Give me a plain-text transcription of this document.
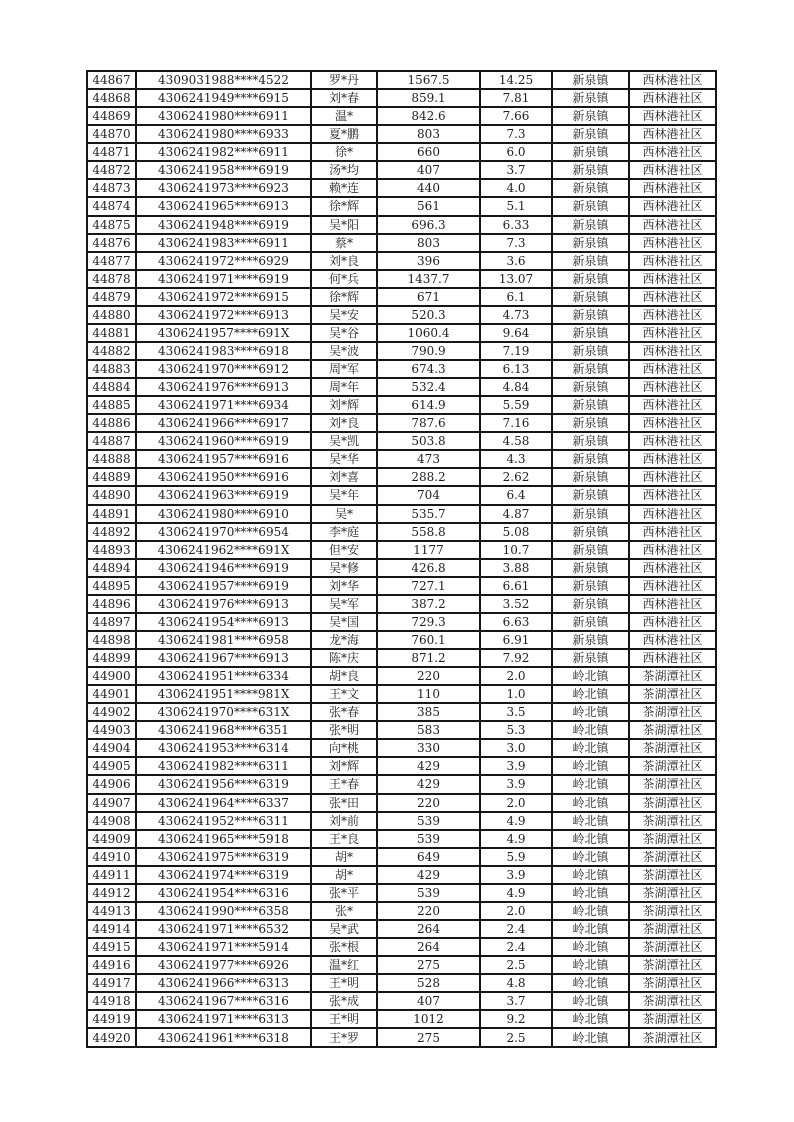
44867	4309031988****4522	罗*丹	1567.5	14.25	新泉镇	西林港社区
44868	4306241949****6915	刘*春	859.1	7.81	新泉镇	西林港社区
44869	4306241980****6911	温*	842.6	7.66	新泉镇	西林港社区
44870	4306241980****6933	夏*鹏	803	7.3	新泉镇	西林港社区
44871	4306241982****6911	徐*	660	6.0	新泉镇	西林港社区
44872	4306241958****6919	汤*均	407	3.7	新泉镇	西林港社区
44873	4306241973****6923	赖*连	440	4.0	新泉镇	西林港社区
44874	4306241965****6913	徐*辉	561	5.1	新泉镇	西林港社区
44875	4306241948****6919	吴*阳	696.3	6.33	新泉镇	西林港社区
44876	4306241983****6911	蔡*	803	7.3	新泉镇	西林港社区
44877	4306241972****6929	刘*良	396	3.6	新泉镇	西林港社区
44878	4306241971****6919	何*兵	1437.7	13.07	新泉镇	西林港社区
44879	4306241972****6915	徐*辉	671	6.1	新泉镇	西林港社区
44880	4306241972****6913	吴*安	520.3	4.73	新泉镇	西林港社区
44881	4306241957****691X	吴*谷	1060.4	9.64	新泉镇	西林港社区
44882	4306241983****6918	吴*波	790.9	7.19	新泉镇	西林港社区
44883	4306241970****6912	周*军	674.3	6.13	新泉镇	西林港社区
44884	4306241976****6913	周*年	532.4	4.84	新泉镇	西林港社区
44885	4306241971****6934	刘*辉	614.9	5.59	新泉镇	西林港社区
44886	4306241966****6917	刘*良	787.6	7.16	新泉镇	西林港社区
44887	4306241960****6919	吴*凯	503.8	4.58	新泉镇	西林港社区
44888	4306241957****6916	吴*华	473	4.3	新泉镇	西林港社区
44889	4306241950****6916	刘*喜	288.2	2.62	新泉镇	西林港社区
44890	4306241963****6919	吴*年	704	6.4	新泉镇	西林港社区
44891	4306241980****6910	吴*	535.7	4.87	新泉镇	西林港社区
44892	4306241970****6954	李*庭	558.8	5.08	新泉镇	西林港社区
44893	4306241962****691X	但*安	1177	10.7	新泉镇	西林港社区
44894	4306241946****6919	吴*修	426.8	3.88	新泉镇	西林港社区
44895	4306241957****6919	刘*华	727.1	6.61	新泉镇	西林港社区
44896	4306241976****6913	吴*军	387.2	3.52	新泉镇	西林港社区
44897	4306241954****6913	吴*国	729.3	6.63	新泉镇	西林港社区
44898	4306241981****6958	龙*海	760.1	6.91	新泉镇	西林港社区
44899	4306241967****6913	陈*庆	871.2	7.92	新泉镇	西林港社区
44900	4306241951****6334	胡*良	220	2.0	岭北镇	茶湖潭社区
44901	4306241951****981X	王*文	110	1.0	岭北镇	茶湖潭社区
44902	4306241970****631X	张*春	385	3.5	岭北镇	茶湖潭社区
44903	4306241968****6351	张*明	583	5.3	岭北镇	茶湖潭社区
44904	4306241953****6314	向*桃	330	3.0	岭北镇	茶湖潭社区
44905	4306241982****6311	刘*辉	429	3.9	岭北镇	茶湖潭社区
44906	4306241956****6319	王*春	429	3.9	岭北镇	茶湖潭社区
44907	4306241964****6337	张*田	220	2.0	岭北镇	茶湖潭社区
44908	4306241952****6311	刘*前	539	4.9	岭北镇	茶湖潭社区
44909	4306241965****5918	王*良	539	4.9	岭北镇	茶湖潭社区
44910	4306241975****6319	胡*	649	5.9	岭北镇	茶湖潭社区
44911	4306241974****6319	胡*	429	3.9	岭北镇	茶湖潭社区
44912	4306241954****6316	张*平	539	4.9	岭北镇	茶湖潭社区
44913	4306241990****6358	张*	220	2.0	岭北镇	茶湖潭社区
44914	4306241971****6532	吴*武	264	2.4	岭北镇	茶湖潭社区
44915	4306241971****5914	张*根	264	2.4	岭北镇	茶湖潭社区
44916	4306241977****6926	温*红	275	2.5	岭北镇	茶湖潭社区
44917	4306241966****6313	王*明	528	4.8	岭北镇	茶湖潭社区
44918	4306241967****6316	张*成	407	3.7	岭北镇	茶湖潭社区
44919	4306241971****6313	王*明	1012	9.2	岭北镇	茶湖潭社区
44920	4306241961****6318	王*罗	275	2.5	岭北镇	茶湖潭社区
